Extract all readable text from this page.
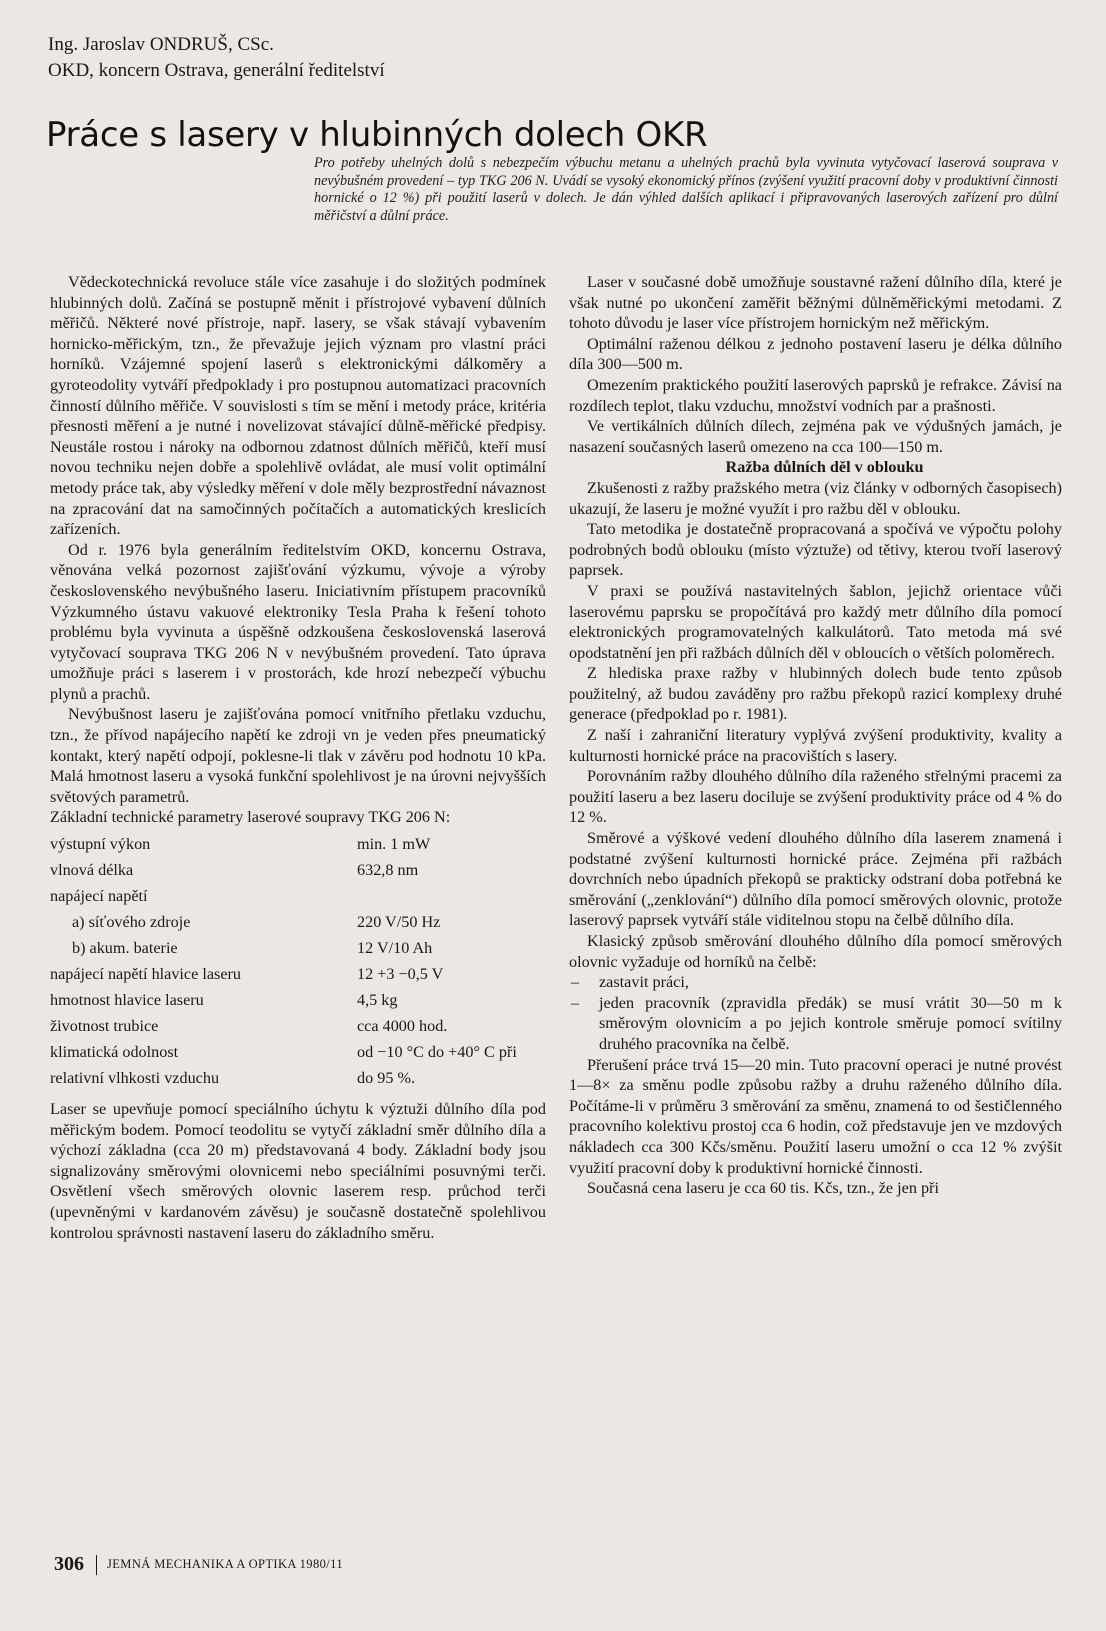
Ing. Jaroslav ONDRUŠ, CSc.
OKD, koncern Ostrava, generální ředitelství
Práce s lasery v hlubinných dolech OKR
Pro potřeby uhelných dolů s nebezpečím výbuchu metanu a uhelných prachů byla vyvinuta vytyčovací laserová souprava v nevýbušném provedení – typ TKG 206 N. Uvádí se vysoký ekonomický přínos (zvýšení využití pracovní doby v produktivní činnosti hornické o 12 %) při použití laserů v dolech. Je dán výhled dalších aplikací i připravovaných laserových zařízení pro důlní měřičství a důlní práce.

Vědeckotechnická revoluce stále více zasahuje i do složitých podmínek hlubinných dolů. Začíná se postupně měnit i přístrojové vybavení důlních měřičů. Některé nové přístroje, např. lasery, se však stávají vybavením hornicko-měřickým, tzn., že převažuje jejich význam pro vlastní práci horníků. Vzájemné spojení laserů s elektronickými dálkoměry a gyroteodolity vytváří předpoklady i pro postupnou automatizaci pracovních činností důlního měřiče. V souvislosti s tím se mění i metody práce, kritéria přesnosti měření a je nutné i novelizovat stávající důlně-měřické předpisy. Neustále rostou i nároky na odbornou zdatnost důlních měřičů, kteří musí novou techniku nejen dobře a spolehlivě ovládat, ale musí volit optimální metody práce tak, aby výsledky měření v dole měly bezprostřední návaznost na zpracování dat na samočinných počítačích a automatických kreslicích zařízeních.

Od r. 1976 byla generálním ředitelstvím OKD, koncernu Ostrava, věnována velká pozornost zajišťování výzkumu, vývoje a výroby československého nevýbušného laseru. Iniciativním přístupem pracovníků Výzkumného ústavu vakuové elektroniky Tesla Praha k řešení tohoto problému byla vyvinuta a úspěšně odzkoušena československá laserová vytyčovací souprava TKG 206 N v nevýbušném provedení. Tato úprava umožňuje práci s laserem i v prostorách, kde hrozí nebezpečí výbuchu plynů a prachů.

Nevýbušnost laseru je zajišťována pomocí vnitřního přetlaku vzduchu, tzn., že přívod napájecího napětí ke zdroji vn je veden přes pneumatický kontakt, který napětí odpojí, poklesne-li tlak v závěru pod hodnotu 10 kPa. Malá hmotnost laseru a vysoká funkční spolehlivost je na úrovni nejvyšších světových parametrů.

Základní technické parametry laserové soupravy TKG 206 N:

výstupní výkon	min. 1 mW
vlnová délka	632,8 nm
napájecí napětí	
a) síťového zdroje	220 V/50 Hz
b) akum. baterie	12 V/10 Ah
napájecí napětí hlavice laseru	12 +3 −0,5 V
hmotnost hlavice laseru	4,5 kg
životnost trubice	cca 4000 hod.
klimatická odolnost	od −10 °C do +40° C při
relativní vlhkosti vzduchu	do 95 %.

Laser se upevňuje pomocí speciálního úchytu k výztuži důlního díla pod měřickým bodem. Pomocí teodolitu se vytyčí základní směr důlního díla a výchozí základna (cca 20 m) představovaná 4 body. Základní body jsou signalizovány směrovými olovnicemi nebo speciálními posuvnými terči. Osvětlení všech směrových olovnic laserem resp. průchod terči (upevněnými v kardanovém závěsu) je současně dostatečně spolehlivou kontrolou správnosti nastavení laseru do základního směru.

Laser v současné době umožňuje soustavné ražení důlního díla, které je však nutné po ukončení zaměřit běžnými důlněměřickými metodami. Z tohoto důvodu je laser více přístrojem hornickým než měřickým.

Optimální raženou délkou z jednoho postavení laseru je délka důlního díla 300—500 m.

Omezením praktického použití laserových paprsků je refrakce. Závisí na rozdílech teplot, tlaku vzduchu, množství vodních par a prašnosti.

Ve vertikálních důlních dílech, zejména pak ve výdušných jamách, je nasazení současných laserů omezeno na cca 100—150 m.

Ražba důlních děl v oblouku

Zkušenosti z ražby pražského metra (viz články v odborných časopisech) ukazují, že laseru je možné využít i pro ražbu děl v oblouku.

Tato metodika je dostatečně propracovaná a spočívá ve výpočtu polohy podrobných bodů oblouku (místo výztuže) od tětivy, kterou tvoří laserový paprsek.

V praxi se používá nastavitelných šablon, jejichž orientace vůči laserovému paprsku se propočítává pro každý metr důlního díla pomocí elektronických programovatelných kalkulátorů. Tato metoda má své opodstatnění jen při ražbách důlních děl v obloucích o větších poloměrech.

Z hlediska praxe ražby v hlubinných dolech bude tento způsob použitelný, až budou zaváděny pro ražbu překopů razicí komplexy druhé generace (předpoklad po r. 1981).

Z naší i zahraniční literatury vyplývá zvýšení produktivity, kvality a kulturnosti hornické práce na pracovištích s lasery.

Porovnáním ražby dlouhého důlního díla raženého střelnými pracemi za použití laseru a bez laseru dociluje se zvýšení produktivity práce od 4 % do 12 %.

Směrové a výškové vedení dlouhého důlního díla laserem znamená i podstatné zvýšení kulturnosti hornické práce. Zejména při ražbách dovrchních nebo úpadních překopů se prakticky odstraní doba potřebná ke směrování („zenklování“) důlního díla pomocí směrových olovnic, protože laserový paprsek vytváří stále viditelnou stopu na čelbě důlního díla.

Klasický způsob směrování dlouhého důlního díla pomocí směrových olovnic vyžaduje od horníků na čelbě:

– zastavit práci,
– jeden pracovník (zpravidla předák) se musí vrátit 30—50 m k směrovým olovnicím a po jejich kontrole směruje pomocí svítilny druhého pracovníka na čelbě.

Přerušení práce trvá 15—20 min. Tuto pracovní operaci je nutné provést 1—8× za směnu podle způsobu ražby a druhu raženého důlního díla. Počítáme-li v průměru 3 směrování za směnu, znamená to od šestičlenného pracovního kolektivu prostoj cca 6 hodin, což představuje jen ve mzdových nákladech cca 300 Kčs/směnu. Použití laseru umožní o cca 12 % zvýšit využití pracovní doby k produktivní hornické činnosti.

Současná cena laseru je cca 60 tis. Kčs, tzn., že jen při

306 JEMNÁ MECHANIKA A OPTIKA 1980/11
